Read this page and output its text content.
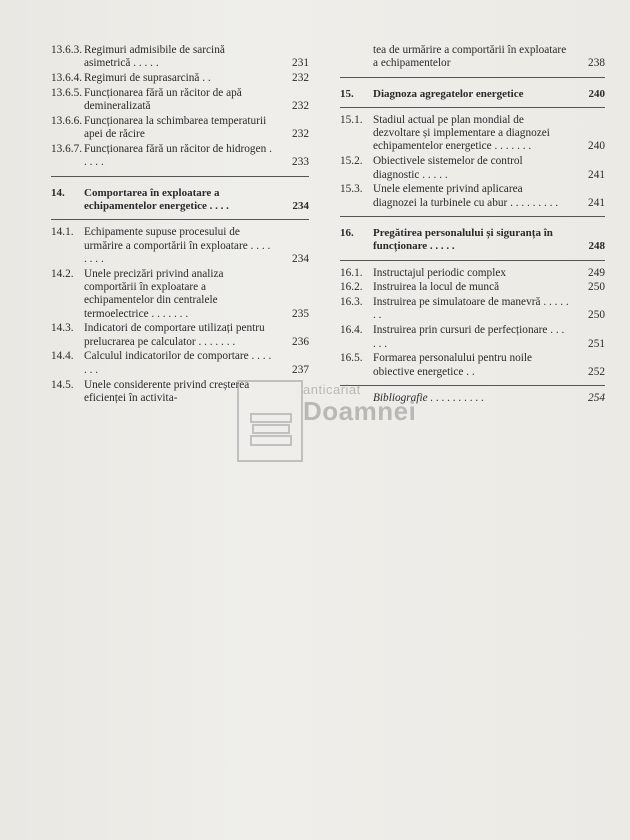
13.6.3. Regimuri admisibile de sarcină asimetrică . . . . .	231
13.6.4. Regimuri de suprasarcină . .	232
13.6.5. Funcționarea fără un răcitor de apă demineralizată	232
13.6.6. Funcționarea la schimbarea temperaturii apei de răcire	232
13.6.7. Funcționarea fără un răcitor de hidrogen . . . . .	233
14.	Comportarea în exploatare a echipamentelor energetice . . . .	234
14.1. Echipamente supuse procesului de urmărire a comportării în exploatare . . . . . . . .	234
14.2. Unele precizări privind analiza comportării în exploatare a echipamentelor din centralele termoelectrice . . . . . . .	235
14.3. Indicatori de comportare utilizați pentru prelucrarea pe calculator . . . . . . .	236
14.4. Calculul indicatorilor de comportare . . . . . . .	237
14.5. Unele considerente privind creșterea eficienței în activita-
tea de urmărire a comportării în exploatare a echipamentelor	238
15.	Diagnoza agregatelor energetice	240
15.1. Stadiul actual pe plan mondial de dezvoltare și implementare a diagnozei echipamentelor energetice . . . . . . .	240
15.2. Obiectivele sistemelor de control diagnostic . . . . .	241
15.3. Unele elemente privind aplicarea diagnozei la turbinele cu abur . . . . . . . . .	241
16.	Pregătirea personalului și siguranța în funcționare . . . . .	248
16.1. Instructajul periodic complex	249
16.2. Instruirea la locul de muncă	250
16.3. Instruirea pe simulatoare de manevră . . . . . . .	250
16.4. Instruirea prin cursuri de perfecționare . . . . . .	251
16.5. Formarea personalului pentru noile obiective energetice . .	252
Bibliografie . . . . . . . . . .	254
anticariat
Doamnei
